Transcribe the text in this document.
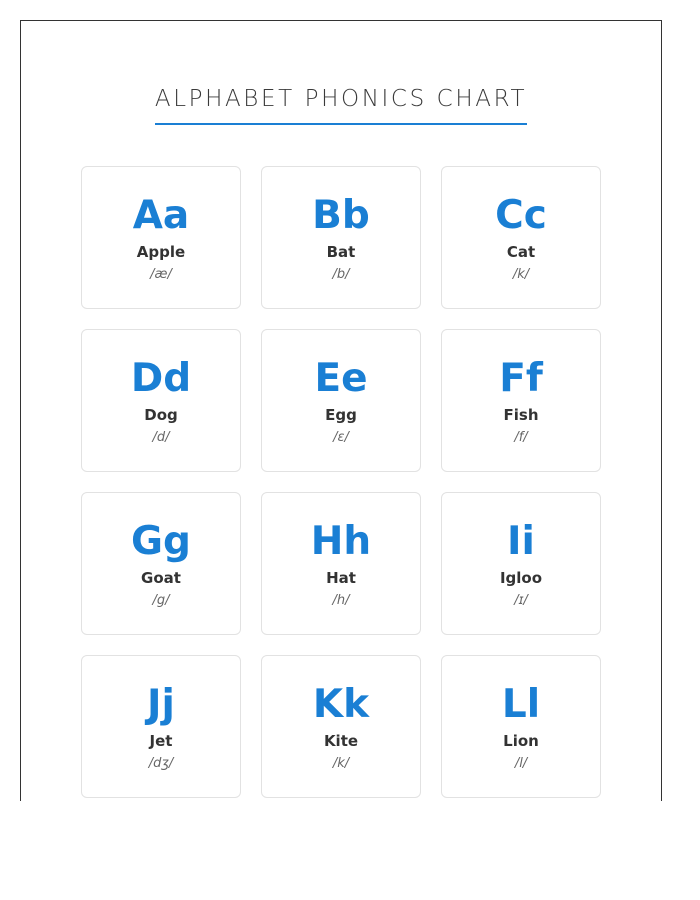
ALPHABET PHONICS CHART
Aa
Apple
/æ/
Bb
Bat
/b/
Cc
Cat
/k/
Dd
Dog
/d/
Ee
Egg
/ɛ/
Ff
Fish
/f/
Gg
Goat
/g/
Hh
Hat
/h/
Ii
Igloo
/ɪ/
Jj
Jet
/dʒ/
Kk
Kite
/k/
Ll
Lion
/l/
